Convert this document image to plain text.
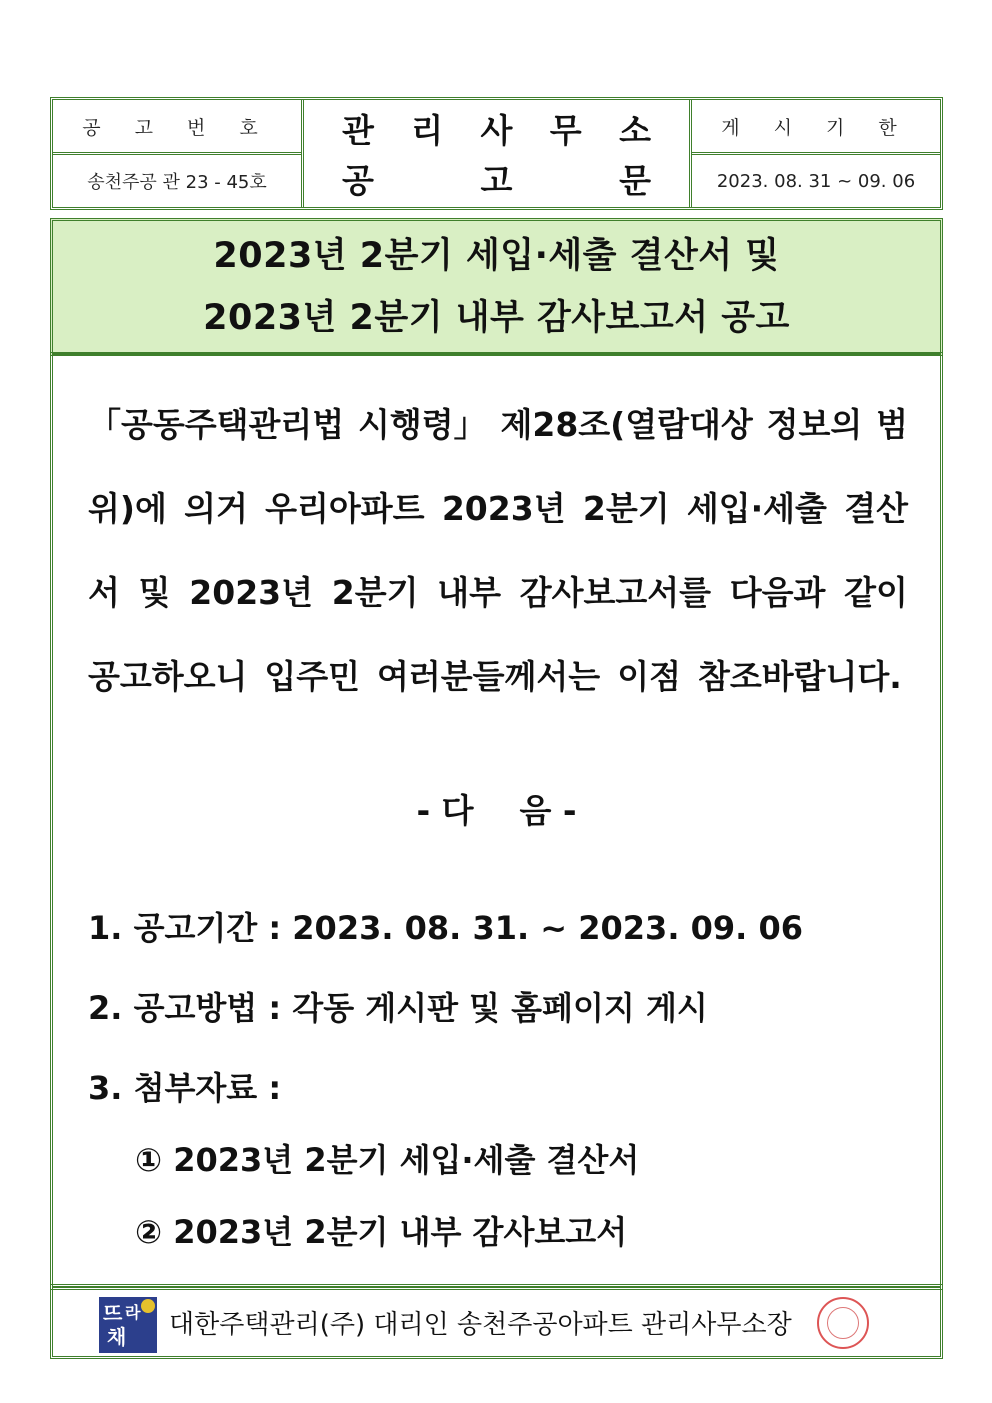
공 고 번 호
송천주공 관 23 - 45호
관 리 사 무 소
공	고	문
게 시 기 한
2023. 08. 31 ~ 09. 06
2023년 2분기 세입·세출 결산서 및
2023년 2분기 내부 감사보고서 공고
「공동주택관리법 시행령」 제28조(열람대상 정보의 범
위)에 의거 우리아파트 2023년 2분기 세입·세출 결산
서 및 2023년 2분기 내부 감사보고서를 다음과 같이
공고하오니 입주민 여러분들께서는 이점 참조바랍니다.
- 다    음 -
1. 공고기간 : 2023. 08. 31. ~ 2023. 09. 06
2. 공고방법 : 각동 게시판 및 홈페이지 게시
3. 첨부자료 :
① 2023년 2분기 세입·세출 결산서
② 2023년 2분기 내부 감사보고서
뜨 라
채 대한주택관리(주) 대리인 송천주공아파트 관리사무소장
